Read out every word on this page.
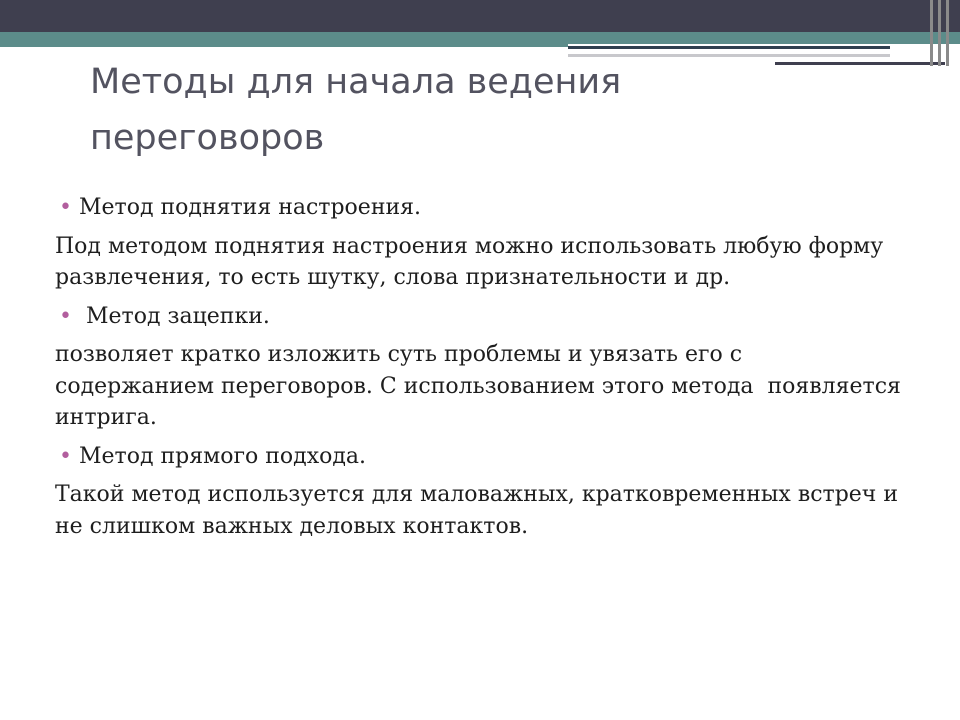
Методы для начала ведения переговоров

• Метод поднятия настроения.

Под методом поднятия настроения можно использовать любую форму развлечения, то есть шутку, слова признательности и др.

• Метод зацепки.

позволяет кратко изложить суть проблемы и увязать его с содержанием переговоров. С использованием этого метода  появляется интрига.

• Метод прямого подхода.

Такой метод используется для маловажных, кратковременных встреч и не слишком важных деловых контактов.
